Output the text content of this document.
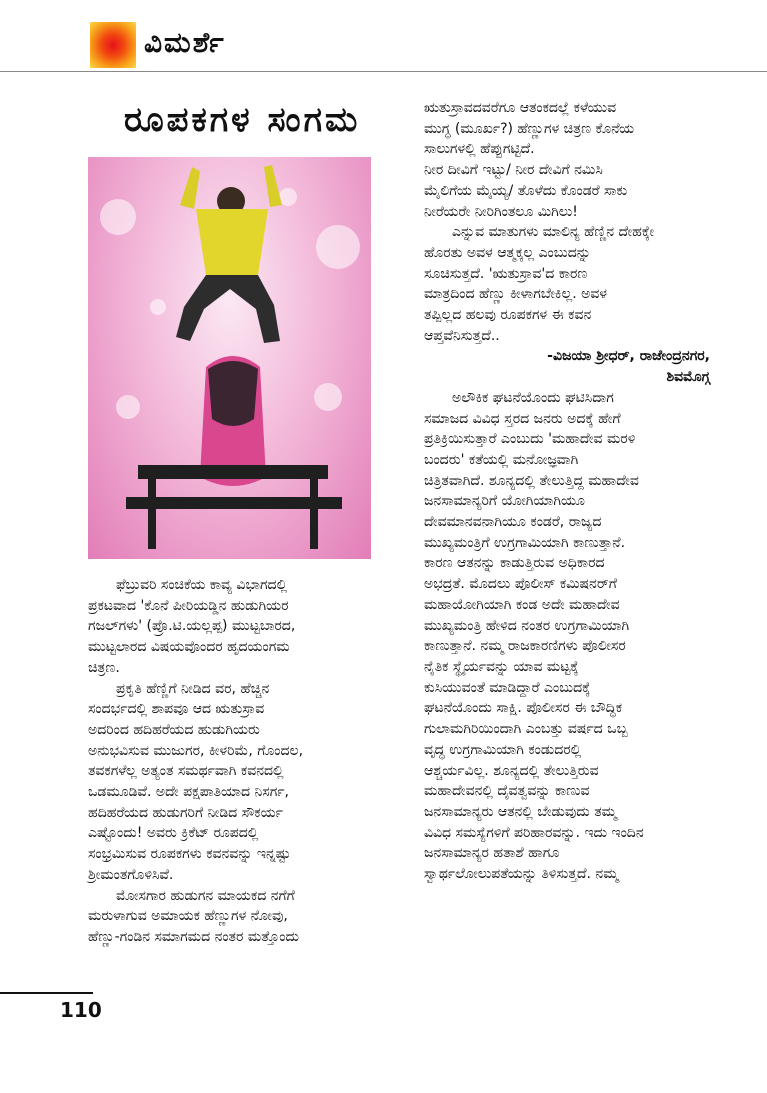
ವಿಮರ್ಶೆ
ರೂಪಕಗಳ ಸಂಗಮ

ಫೆಬ್ರುವರಿ ಸಂಚಿಕೆಯ ಕಾವ್ಯ ವಿಭಾಗದಲ್ಲಿ

ಪ್ರಕಟವಾದ 'ಕೊನೆ ಪೀರಿಯಡ್ಡಿನ ಹುಡುಗಿಯರ

ಗಜಲ್‌ಗಳು' (ಪ್ರೊ.ಟಿ.ಯಲ್ಲಪ್ಪ) ಮುಟ್ಟಬಾರದ,

ಮುಟ್ಟಲಾರದ ವಿಷಯವೊಂದರ ಹೃದಯಂಗಮ

ಚಿತ್ರಣ.

ಪ್ರಕೃತಿ ಹೆಣ್ಣಿಗೆ ನೀಡಿದ ವರ, ಹೆಚ್ಚಿನ

ಸಂದರ್ಭದಲ್ಲಿ ಶಾಪವೂ ಆದ ಋತುಸ್ರಾವ

ಅದರಿಂದ ಹದಿಹರೆಯದ ಹುಡುಗಿಯರು

ಅನುಭವಿಸುವ ಮುಜುಗರ, ಕೀಳರಿಮೆ, ಗೊಂದಲ,

ತವಕಗಳೆಲ್ಲ ಅತ್ಯಂತ ಸಮರ್ಥವಾಗಿ ಕವನದಲ್ಲಿ

ಒಡಮೂಡಿವೆ. ಅದೇ ಪಕ್ಷಪಾತಿಯಾದ ನಿಸರ್ಗ,

ಹದಿಹರೆಯದ ಹುಡುಗರಿಗೆ ನೀಡಿದ ಸೌಕರ್ಯ

ಎಷ್ಟೊಂದು! ಅವರು ಕ್ರಿಕೆಟ್ ರೂಪದಲ್ಲಿ

ಸಂಭ್ರಮಿಸುವ ರೂಪಕಗಳು ಕವನವನ್ನು ಇನ್ನಷ್ಟು

ಶ್ರೀಮಂತಗೊಳಿಸಿವೆ.

ಮೋಸಗಾರ ಹುಡುಗನ ಮಾಯಕದ ನಗೆಗೆ

ಮರುಳಾಗುವ ಅಮಾಯಕ ಹೆಣ್ಣುಗಳ ನೋವು,

ಹೆಣ್ಣು-ಗಂಡಿನ ಸಮಾಗಮದ ನಂತರ ಮತ್ತೊಂದು

ಋತುಸ್ರಾವದವರೆಗೂ ಆತಂಕದಲ್ಲೆ ಕಳೆಯುವ

ಮುಗ್ಧ (ಮೂರ್ಖ?) ಹೆಣ್ಣುಗಳ ಚಿತ್ರಣ ಕೊನೆಯ

ಸಾಲುಗಳಲ್ಲಿ ಹೆಪ್ಪುಗಟ್ಟಿದೆ.

ನೀರ ದೀವಿಗೆ ಇಟ್ಟು/ ನೀರ ದೇವಿಗೆ ನಮಿಸಿ

ಮೈಲಿಗೆಯ ಮೈಯ್ಯ/ ತೊಳೆದು ಕೊಂಡರೆ ಸಾಕು

ನೀರೆಯರೇ ನೀರಿಗಿಂತಲೂ ಮಿಗಿಲು!

ಎನ್ನುವ ಮಾತುಗಳು ಮಾಲಿನ್ಯ ಹೆಣ್ಣಿನ ದೇಹಕ್ಕೇ

ಹೊರತು ಅವಳ ಆತ್ಮಕ್ಕಲ್ಲ ಎಂಬುದನ್ನು

ಸೂಚಿಸುತ್ತದೆ. 'ಋತುಸ್ರಾವ'ದ ಕಾರಣ

ಮಾತ್ರದಿಂದ ಹೆಣ್ಣು ಕೀಳಾಗಬೇಕಿಲ್ಲ. ಅವಳ

ತಪ್ಪಿಲ್ಲದ ಹಲವು ರೂಪಕಗಳ ಈ ಕವನ

ಆಪ್ತವೆನಿಸುತ್ತದೆ..

-ವಿಜಯಾ ಶ್ರೀಧರ್, ರಾಜೇಂದ್ರನಗರ,

ಶಿವಮೊಗ್ಗ

ಅಲೌಕಿಕ ಘಟನೆಯೊಂದು ಘಟಿಸಿದಾಗ

ಸಮಾಜದ ವಿವಿಧ ಸ್ತರದ ಜನರು ಅದಕ್ಕೆ ಹೇಗೆ

ಪ್ರತಿಕ್ರಿಯಿಸುತ್ತಾರೆ ಎಂಬುದು 'ಮಹಾದೇವ ಮರಳಿ

ಬಂದರು' ಕತೆಯಲ್ಲಿ ಮನೋಜ್ಞವಾಗಿ

ಚಿತ್ರಿತವಾಗಿದೆ. ಶೂನ್ಯದಲ್ಲಿ ತೇಲುತ್ತಿದ್ದ ಮಹಾದೇವ

ಜನಸಾಮಾನ್ಯರಿಗೆ ಯೋಗಿಯಾಗಿಯೂ

ದೇವಮಾನವನಾಗಿಯೂ ಕಂಡರೆ, ರಾಜ್ಯದ

ಮುಖ್ಯಮಂತ್ರಿಗೆ ಉಗ್ರಗಾಮಿಯಾಗಿ ಕಾಣುತ್ತಾನೆ.

ಕಾರಣ ಆತನನ್ನು ಕಾಡುತ್ತಿರುವ ಅಧಿಕಾರದ

ಅಭದ್ರತೆ. ಮೊದಲು ಪೊಲೀಸ್ ಕಮಿಷನರ್‌ಗೆ

ಮಹಾಯೋಗಿಯಾಗಿ ಕಂಡ ಅದೇ ಮಹಾದೇವ

ಮುಖ್ಯಮಂತ್ರಿ ಹೇಳಿದ ನಂತರ ಉಗ್ರಗಾಮಿಯಾಗಿ

ಕಾಣುತ್ತಾನೆ. ನಮ್ಮ ರಾಜಕಾರಣಿಗಳು ಪೊಲೀಸರ

ನೈತಿಕ ಸ್ಥೈರ್ಯವನ್ನು ಯಾವ ಮಟ್ಟಕ್ಕೆ

ಕುಸಿಯುವಂತೆ ಮಾಡಿದ್ದಾರೆ ಎಂಬುದಕ್ಕೆ

ಘಟನೆಯೊಂದು ಸಾಕ್ಷಿ. ಪೊಲೀಸರ ಈ ಬೌದ್ಧಿಕ

ಗುಲಾಮಗಿರಿಯಿಂದಾಗಿ ಎಂಬತ್ತು ವರ್ಷದ ಒಬ್ಬ

ವೃದ್ಧ ಉಗ್ರಗಾಮಿಯಾಗಿ ಕಂಡುದರಲ್ಲಿ

ಆಶ್ಚರ್ಯವಿಲ್ಲ. ಶೂನ್ಯದಲ್ಲಿ ತೇಲುತ್ತಿರುವ

ಮಹಾದೇವನಲ್ಲಿ ದೈವತ್ವವನ್ನು ಕಾಣುವ

ಜನಸಾಮಾನ್ಯರು ಆತನಲ್ಲಿ ಬೇಡುವುದು ತಮ್ಮ

ವಿವಿಧ ಸಮಸ್ಯೆಗಳಿಗೆ ಪರಿಹಾರವನ್ನು. ಇದು ಇಂದಿನ

ಜನಸಾಮಾನ್ಯರ ಹತಾಶೆ ಹಾಗೂ

ಸ್ವಾರ್ಥಲೋಲುಪತೆಯನ್ನು ತಿಳಿಸುತ್ತದೆ. ನಮ್ಮ

110
